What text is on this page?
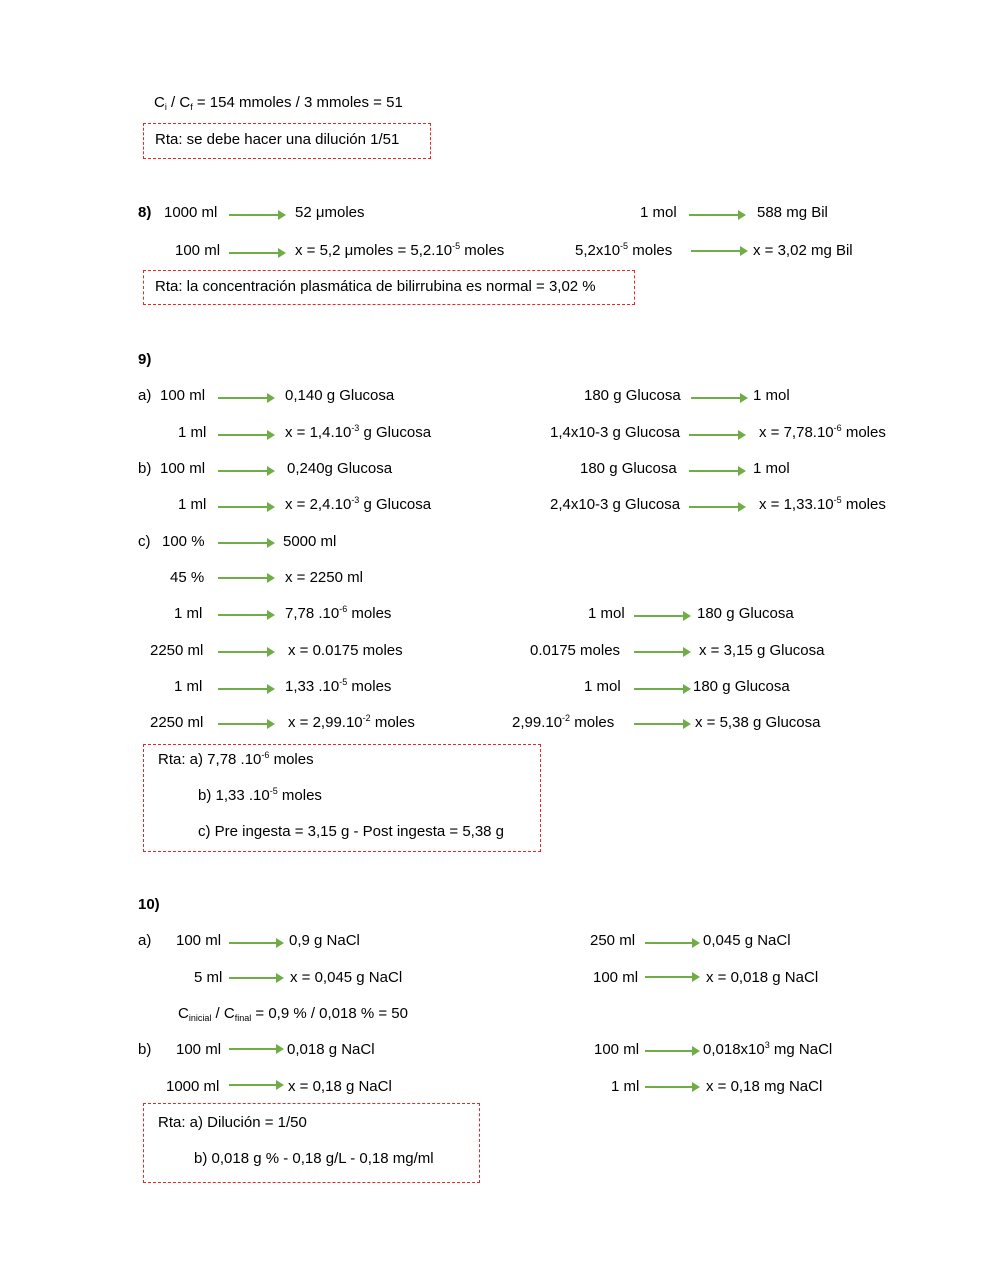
$C_i / C_f = 154$ mmoles / 3 mmoles = 51
Rta: se debe hacer una dilución 1/51
8) 1000 ml	52 μmoles	1 mol	588 mg Bil
100 ml	x = 5,2 μmoles = $5,2.10^{-5}$ moles	$5,2x10^{-5}$ moles	x = 3,02 mg Bil
Rta: la concentración plasmática de bilirrubina es normal = 3,02 %
9)
a) 100 ml	0,140 g Glucosa	180 g Glucosa	1 mol
1 ml	$x = 1,4.10^{-3}$ g Glucosa	1,4x10-3 g Glucosa	$x = 7,78.10^{-6}$ moles
b) 100 ml	0,240g Glucosa	180 g Glucosa	1 mol
1 ml	$x = 2,4.10^{-3}$ g Glucosa	2,4x10-3 g Glucosa	$x = 1,33.10^{-5}$ moles
c) 100 %	5000 ml
45 %	x = 2250 ml
1 ml	7,78 $.10^{-6}$ moles	1 mol	180 g Glucosa
2250 ml	x = 0.0175 moles	0.0175 moles	x = 3,15 g Glucosa
1 ml	1,33 $.10^{-5}$ moles	1 mol	180 g Glucosa
2250 ml	$x = 2,99.10^{-2}$ moles	$2,99.10^{-2}$ moles	x = 5,38 g Glucosa
Rta: a) 7,78 $.10^{-6}$ moles
b) 1,33 $.10^{-5}$ moles
c) Pre ingesta = 3,15 g - Post ingesta = 5,38 g
10)
a) 100 ml	0,9 g NaCl	250 ml	0,045 g NaCl
5 ml	x = 0,045 g NaCl	100 ml	x = 0,018 g NaCl
$C_{inicial} / C_{final} = 0,9$ % / 0,018 % = 50
b) 100 ml	0,018 g NaCl	100 ml	$0,018x10^3$ mg NaCl
1000 ml	x = 0,18 g NaCl	1 ml	x = 0,18 mg NaCl
Rta: a) Dilución = 1/50
b) 0,018 g % - 0,18 g/L - 0,18 mg/ml
